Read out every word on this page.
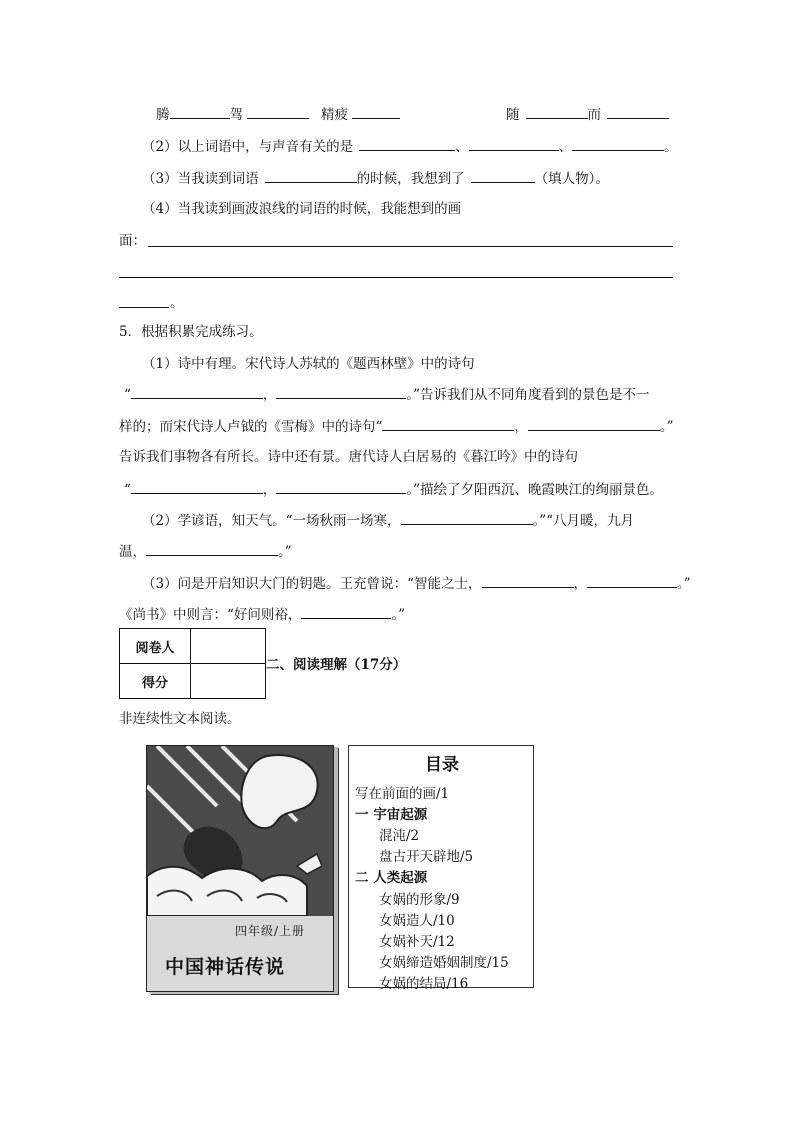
腾	驾	精疲	随	而
（2）以上词语中，与声音有关的是	、	、	。
（3）当我读到词语	的时候，我想到了	（填人物）。
（4）当我读到画波浪线的词语的时候，我能想到的画
面：
。
5．根据积累完成练习。
（1）诗中有理。宋代诗人苏轼的《题西林壁》中的诗句
“	，	。”告诉我们从不同角度看到的景色是不一
样的；而宋代诗人卢钺的《雪梅》中的诗句“	，	。”
告诉我们事物各有所长。诗中还有景。唐代诗人白居易的《暮江吟》中的诗句
“	，	。”描绘了夕阳西沉、晚霞映江的绚丽景色。
（2）学谚语，知天气。“一场秋雨一场寒，	。”“八月暖，九月
温，	。”
（3）问是开启知识大门的钥匙。王充曾说：“智能之士，	，	。”
《尚书》中则言：“好问则裕，	。”
阅卷人	
得分	
二、阅读理解（17分）
非连续性文本阅读。
四年级/上册
中国神话传说
目录
写在前面的画/1
一 宇宙起源
混沌/2
盘古开天辟地/5
二 人类起源
女娲的形象/9
女娲造人/10
女娲补天/12
女娲缔造婚姻制度/15
女娲的结局/16
